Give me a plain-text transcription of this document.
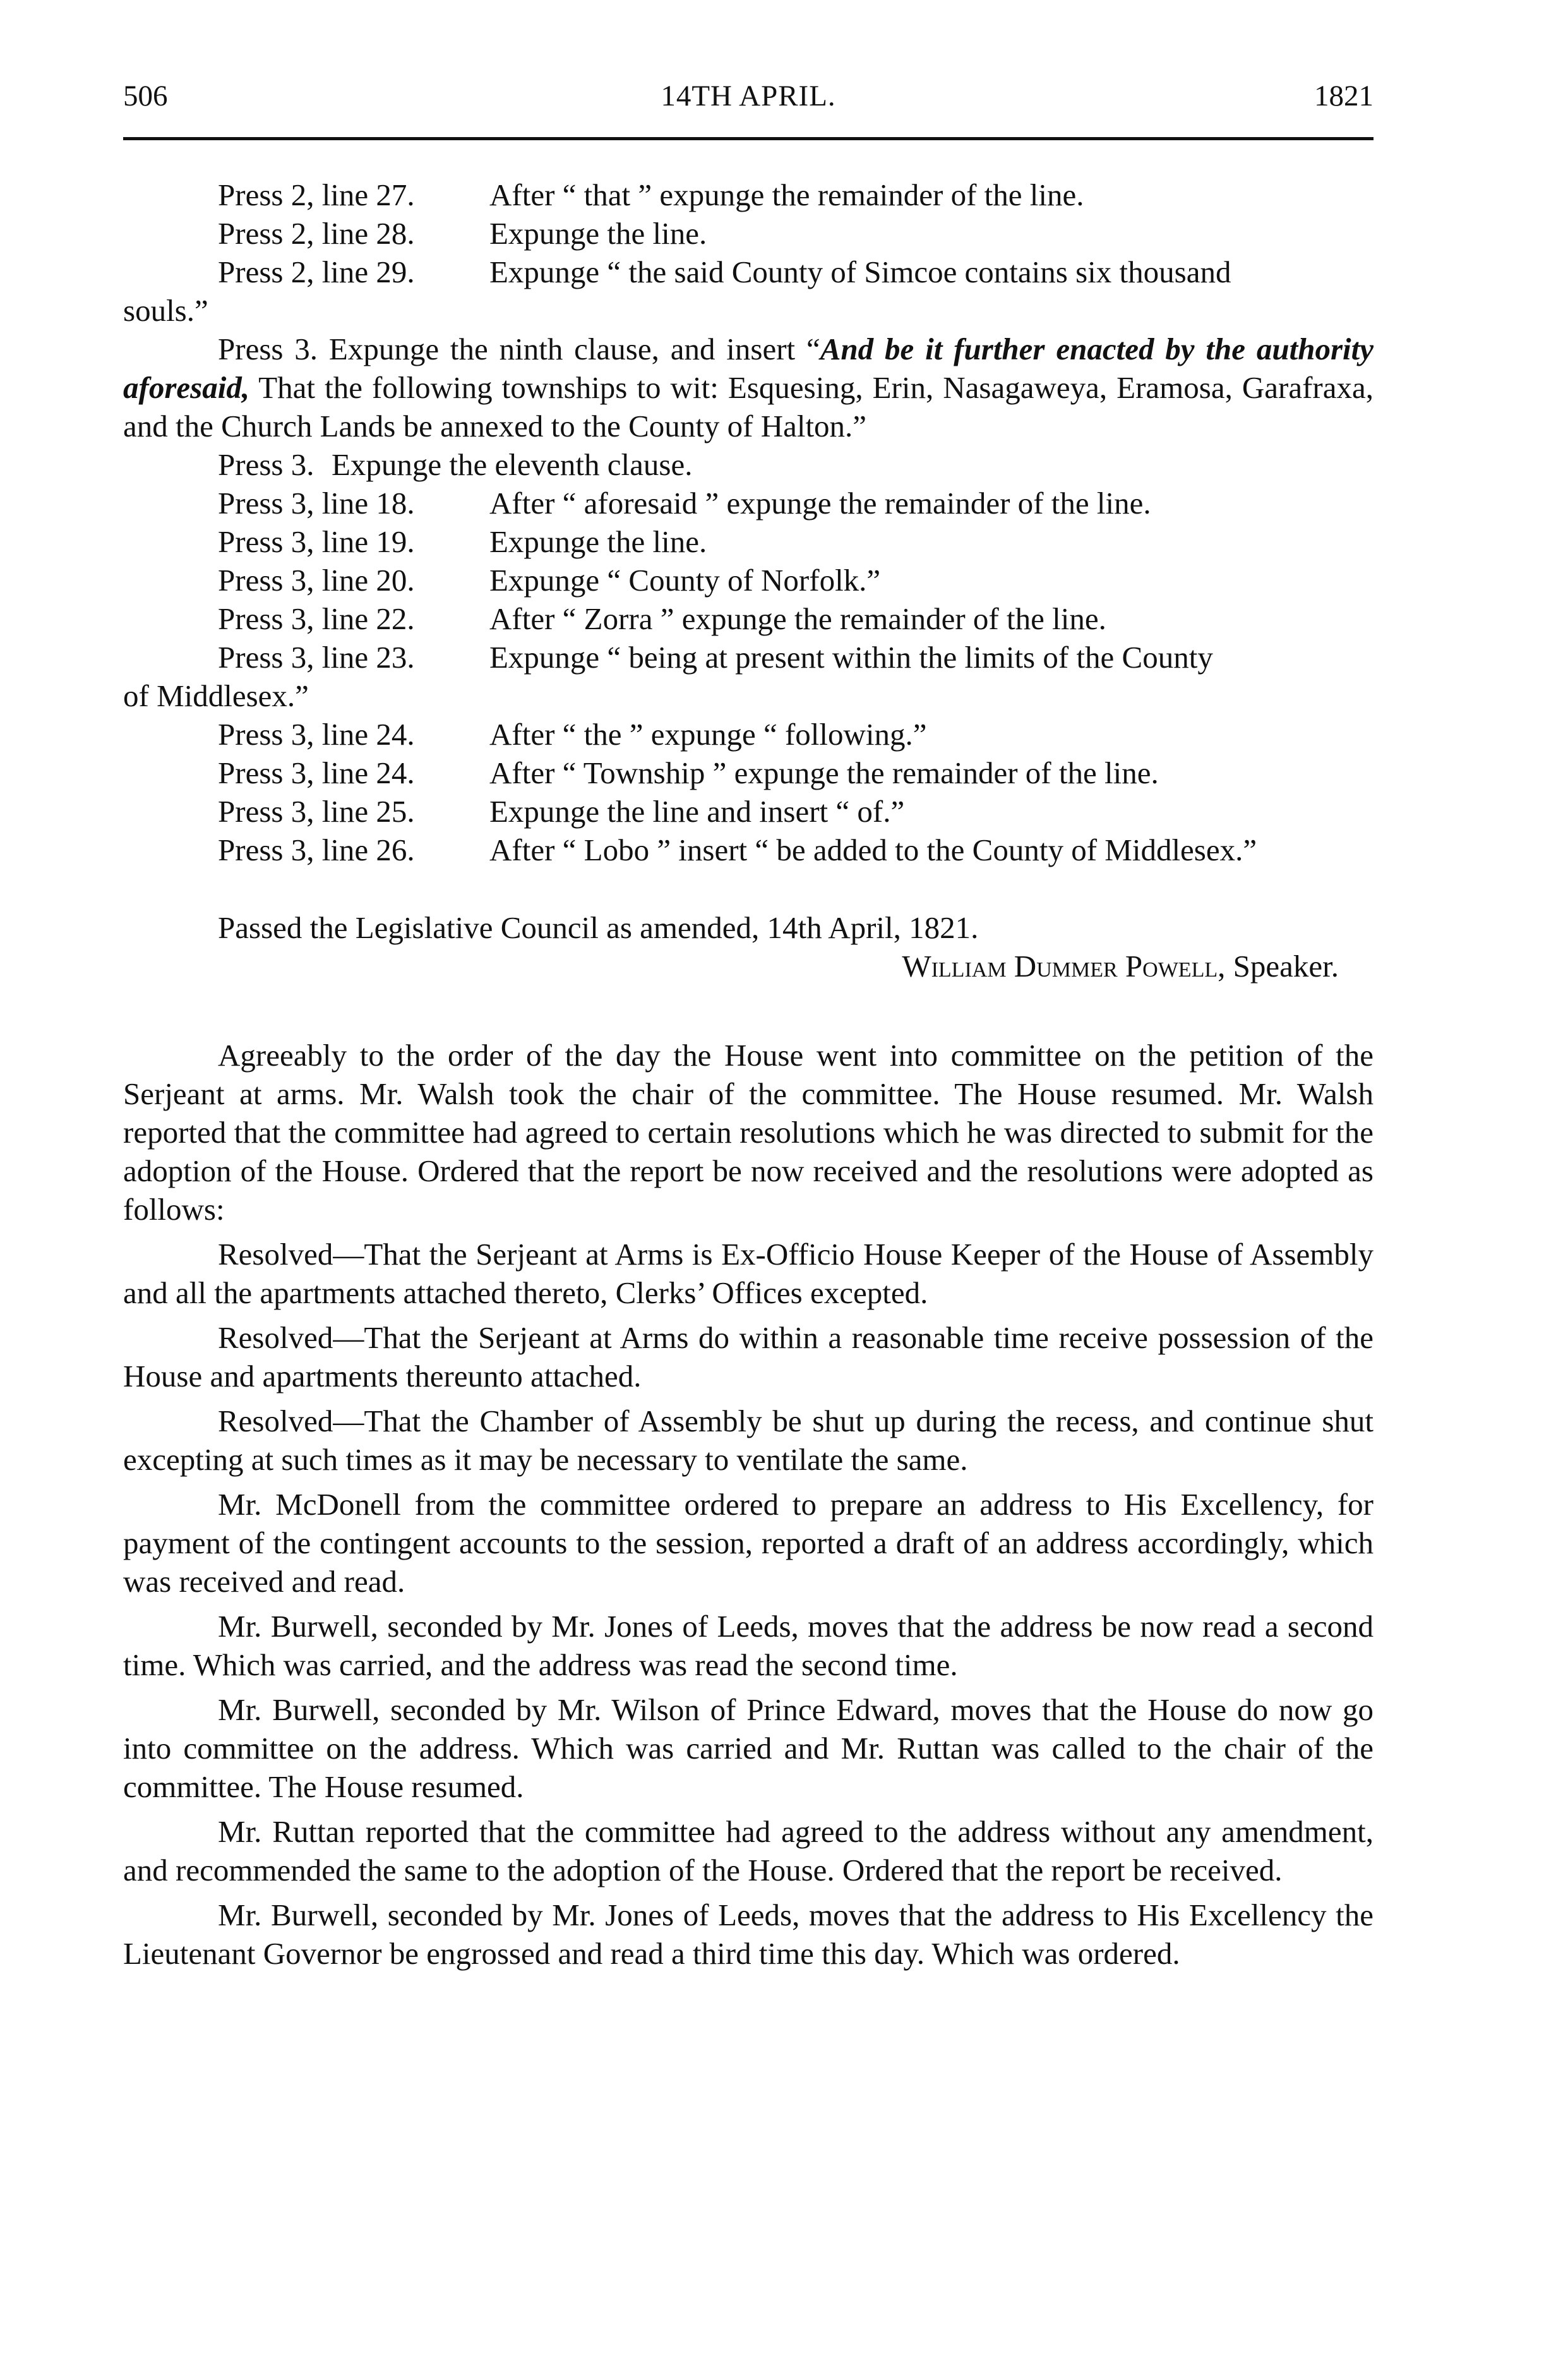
506	14TH APRIL.	1821
Press 2, line 27.	After “ that ” expunge the remainder of the line.
Press 2, line 28.	Expunge the line.
Press 2, line 29.	Expunge “ the said County of Simcoe contains six thousand
souls.”
Press 3. Expunge the ninth clause, and insert “And be it further enacted by the authority aforesaid, That the following townships to wit: Esquesing, Erin, Nasagaweya, Eramosa, Garafraxa, and the Church Lands be annexed to the County of Halton.”
Press 3. Expunge the eleventh clause.
Press 3, line 18.	After “ aforesaid ” expunge the remainder of the line.
Press 3, line 19.	Expunge the line.
Press 3, line 20.	Expunge “ County of Norfolk.”
Press 3, line 22.	After “ Zorra ” expunge the remainder of the line.
Press 3, line 23.	Expunge “ being at present within the limits of the County
of Middlesex.”
Press 3, line 24.	After “ the ” expunge “ following.”
Press 3, line 24.	After “ Township ” expunge the remainder of the line.
Press 3, line 25.	Expunge the line and insert “ of.”
Press 3, line 26.	After “ Lobo ” insert “ be added to the County of Middlesex.”
Passed the Legislative Council as amended, 14th April, 1821.
William Dummer Powell, Speaker.

Agreeably to the order of the day the House went into committee on the petition of the Serjeant at arms. Mr. Walsh took the chair of the committee. The House resumed. Mr. Walsh reported that the committee had agreed to certain resolutions which he was directed to submit for the adoption of the House. Ordered that the report be now received and the resolutions were adopted as follows:

Resolved—That the Serjeant at Arms is Ex-Officio House Keeper of the House of Assembly and all the apartments attached thereto, Clerks’ Offices excepted.

Resolved—That the Serjeant at Arms do within a reasonable time receive possession of the House and apartments thereunto attached.

Resolved—That the Chamber of Assembly be shut up during the recess, and continue shut excepting at such times as it may be necessary to ventilate the same.

Mr. McDonell from the committee ordered to prepare an address to His Excellency, for payment of the contingent accounts to the session, reported a draft of an address accordingly, which was received and read.

Mr. Burwell, seconded by Mr. Jones of Leeds, moves that the address be now read a second time. Which was carried, and the address was read the second time.

Mr. Burwell, seconded by Mr. Wilson of Prince Edward, moves that the House do now go into committee on the address. Which was carried and Mr. Ruttan was called to the chair of the committee. The House resumed.

Mr. Ruttan reported that the committee had agreed to the address without any amendment, and recommended the same to the adoption of the House. Ordered that the report be received.

Mr. Burwell, seconded by Mr. Jones of Leeds, moves that the address to His Excellency the Lieutenant Governor be engrossed and read a third time this day. Which was ordered.
